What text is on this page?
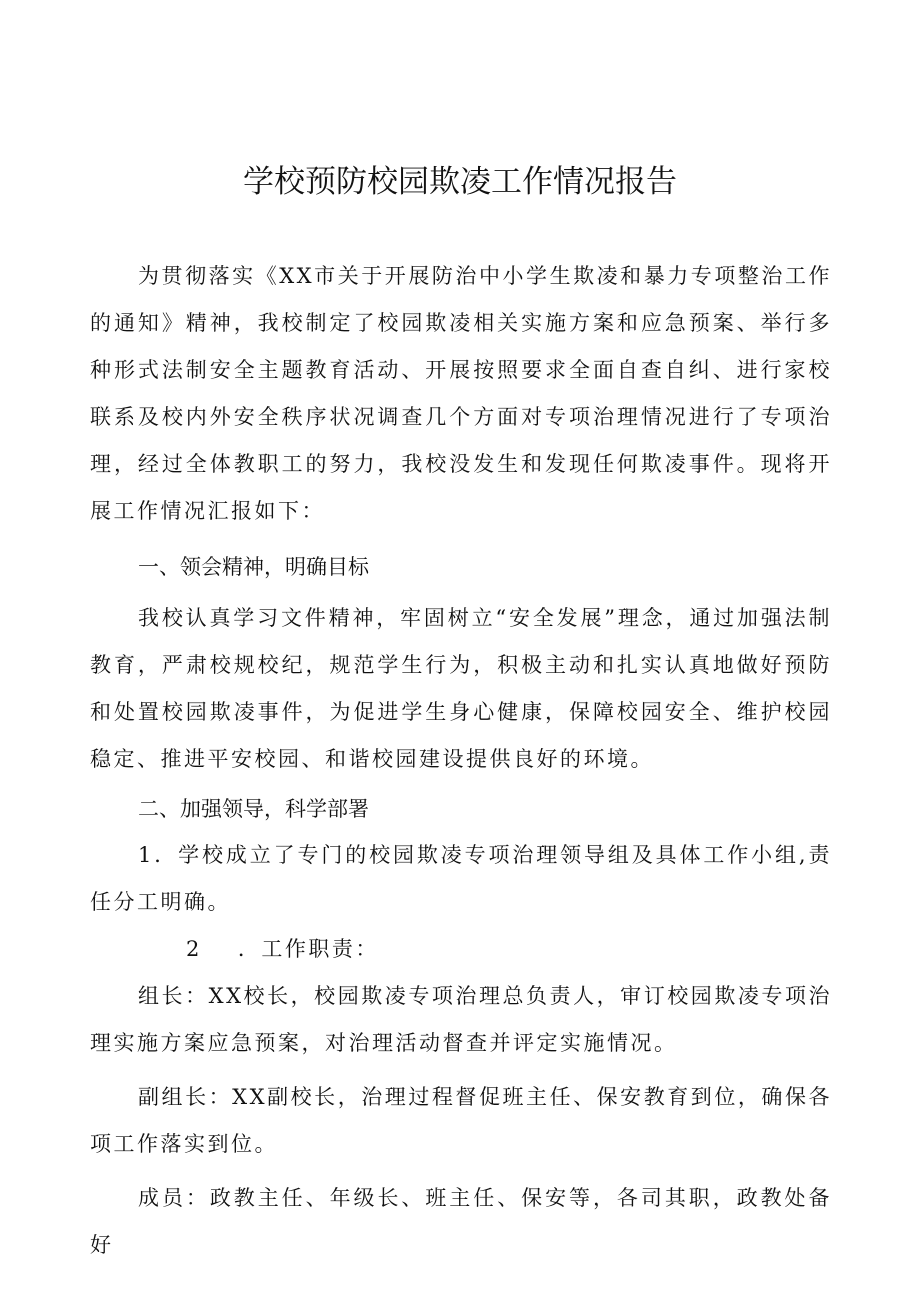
学校预防校园欺凌工作情况报告

为贯彻落实《XX市关于开展防治中小学生欺凌和暴力专项整治工作的通知》精神，我校制定了校园欺凌相关实施方案和应急预案、举行多种形式法制安全主题教育活动、开展按照要求全面自查自纠、进行家校联系及校内外安全秩序状况调查几个方面对专项治理情况进行了专项治理，经过全体教职工的努力，我校没发生和发现任何欺凌事件。现将开展工作情况汇报如下：

一、领会精神，明确目标

我校认真学习文件精神，牢固树立“安全发展”理念，通过加强法制教育，严肃校规校纪，规范学生行为，积极主动和扎实认真地做好预防和处置校园欺凌事件，为促进学生身心健康，保障校园安全、维护校园稳定、推进平安校园、和谐校园建设提供良好的环境。

二、加强领导，科学部署

1．学校成立了专门的校园欺凌专项治理领导组及具体工作小组,责任分工明确。

2 ．工作职责：

组长：XX校长，校园欺凌专项治理总负责人，审订校园欺凌专项治理实施方案应急预案，对治理活动督查并评定实施情况。

副组长：XX副校长，治理过程督促班主任、保安教育到位，确保各项工作落实到位。

成员：政教主任、年级长、班主任、保安等，各司其职，政教处备好
